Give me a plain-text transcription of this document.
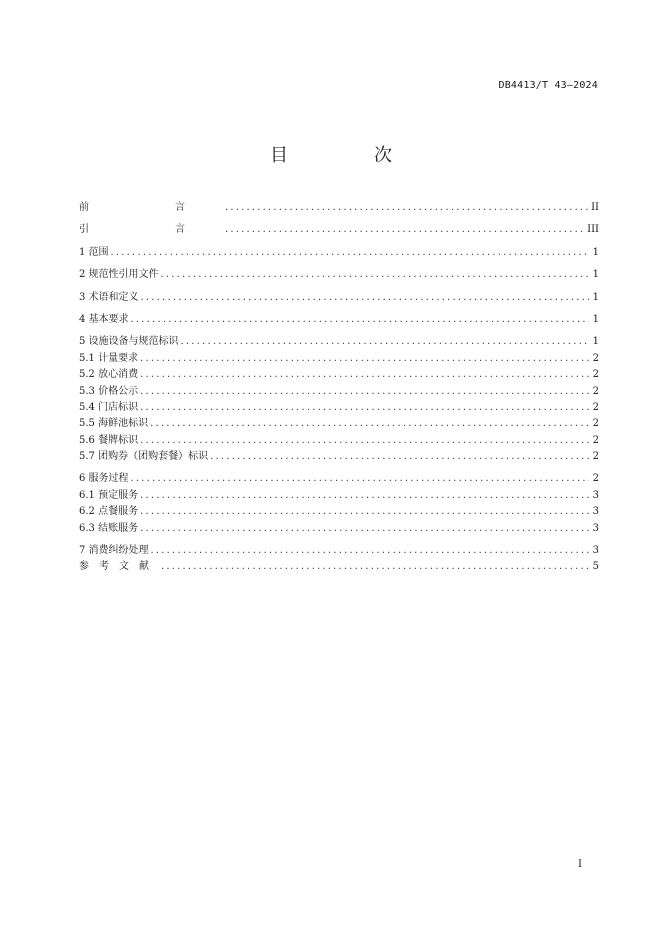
DB4413/T 43—2024
目　次
前　言 .....	II
引　言 .....	III
1 范围 .....	1
2 规范性引用文件 .....	1
3 术语和定义 .....	1
4 基本要求 .....	1
5 设施设备与规范标识 .....	1
5.1 计量要求 .....	2
5.2 放心消费 .....	2
5.3 价格公示 .....	2
5.4 门店标识 .....	2
5.5 海鲜池标识 .....	2
5.6 餐牌标识 .....	2
5.7 团购券（团购套餐）标识 .....	2
6 服务过程 .....	2
6.1 预定服务 .....	3
6.2 点餐服务 .....	3
6.3 结账服务 .....	3
7 消费纠纷处理 .....	3
参考文献 .....	5
I
